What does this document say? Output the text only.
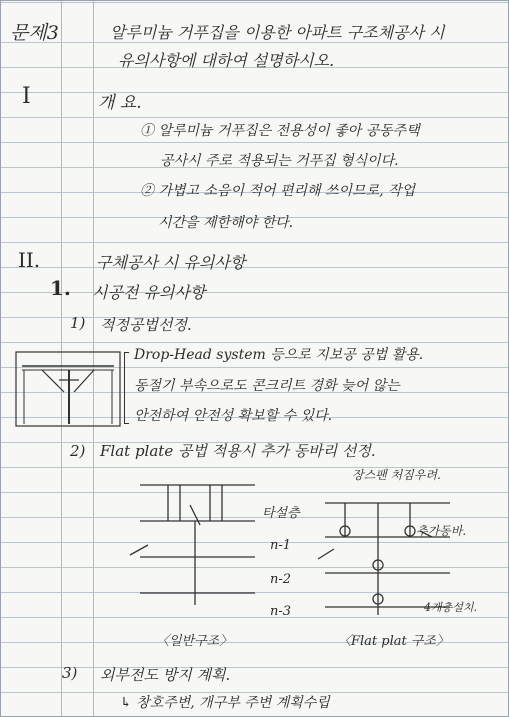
문제3	알루미늄 거푸집을 이용한 아파트 구조체공사 시
유의사항에 대하여 설명하시오.
I	개 요.
① 알루미늄 거푸집은 전용성이 좋아 공동주택
공사시 주로 적용되는 거푸집 형식이다.
② 가볍고 소음이 적어 편리해 쓰이므로, 작업
시간을 제한해야 한다.
II.	구체공사 시 유의사항
1. 시공전 유의사항
1) 적정공법선정.
Drop-Head system 등으로 지보공 공법 활용.
동절기 부속으로도 콘크리트 경화 늦어 않는
안전하여 안전성 확보할 수 있다.
2) Flat plate 공법 적용시 추가 동바리 선정.
타설층
n-1
n-2
n-3
장스팬 처짐우려.
추가동바.
4개층설치.
〈일반구조〉	〈Flat plat 구조〉
3) 외부전도 방지 계획.
↳ 창호주변, 개구부 주변 계획수립
